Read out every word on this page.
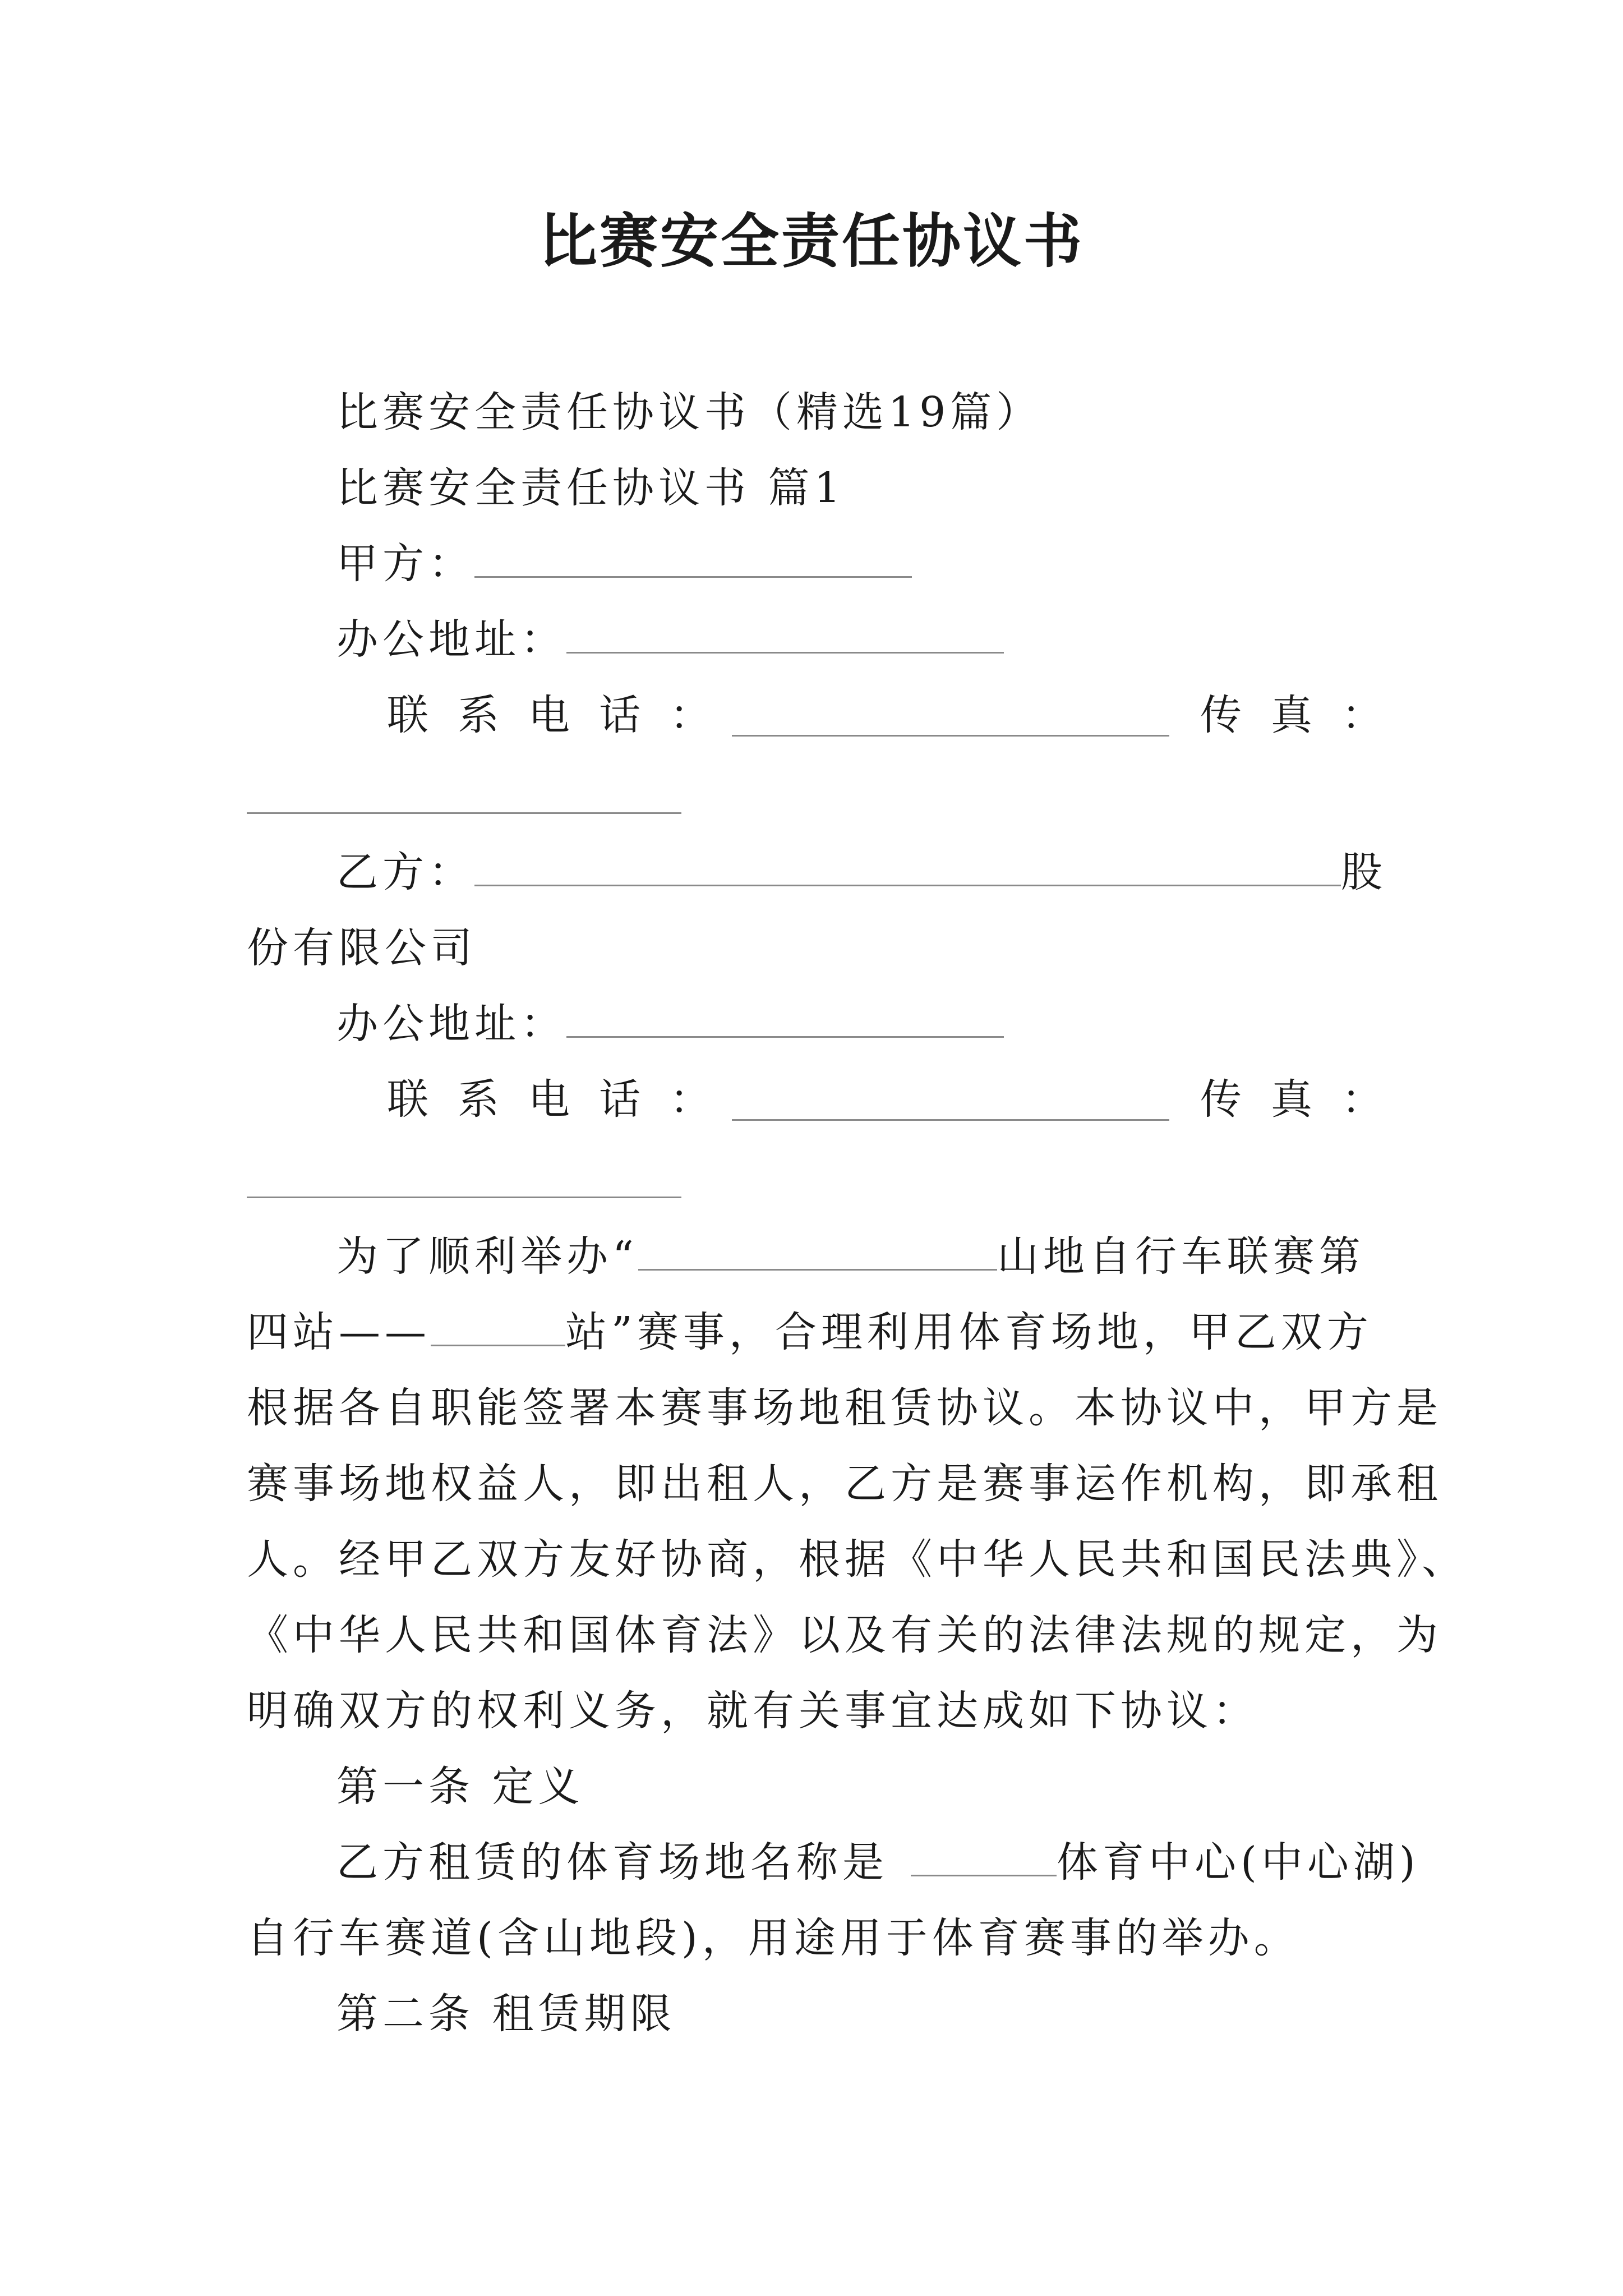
比赛安全责任协议书
比赛安全责任协议书（精选19篇）
比赛安全责任协议书 篇1
甲方：
办公地址：
联系电话：	传真：
乙方：	股
份有限公司
办公地址：
联系电话：	传真：
为了顺利举办“	山地自行车联赛第
四站——	站”赛事，合理利用体育场地，甲乙双方
根据各自职能签署本赛事场地租赁协议。本协议中，甲方是
赛事场地权益人，即出租人，乙方是赛事运作机构，即承租
人。经甲乙双方友好协商，根据《中华人民共和国民法典》、
《中华人民共和国体育法》以及有关的法律法规的规定，为
明确双方的权利义务，就有关事宜达成如下协议：
第一条 定义
乙方租赁的体育场地名称是	体育中心(中心湖)
自行车赛道(含山地段)，用途用于体育赛事的举办。
第二条 租赁期限
